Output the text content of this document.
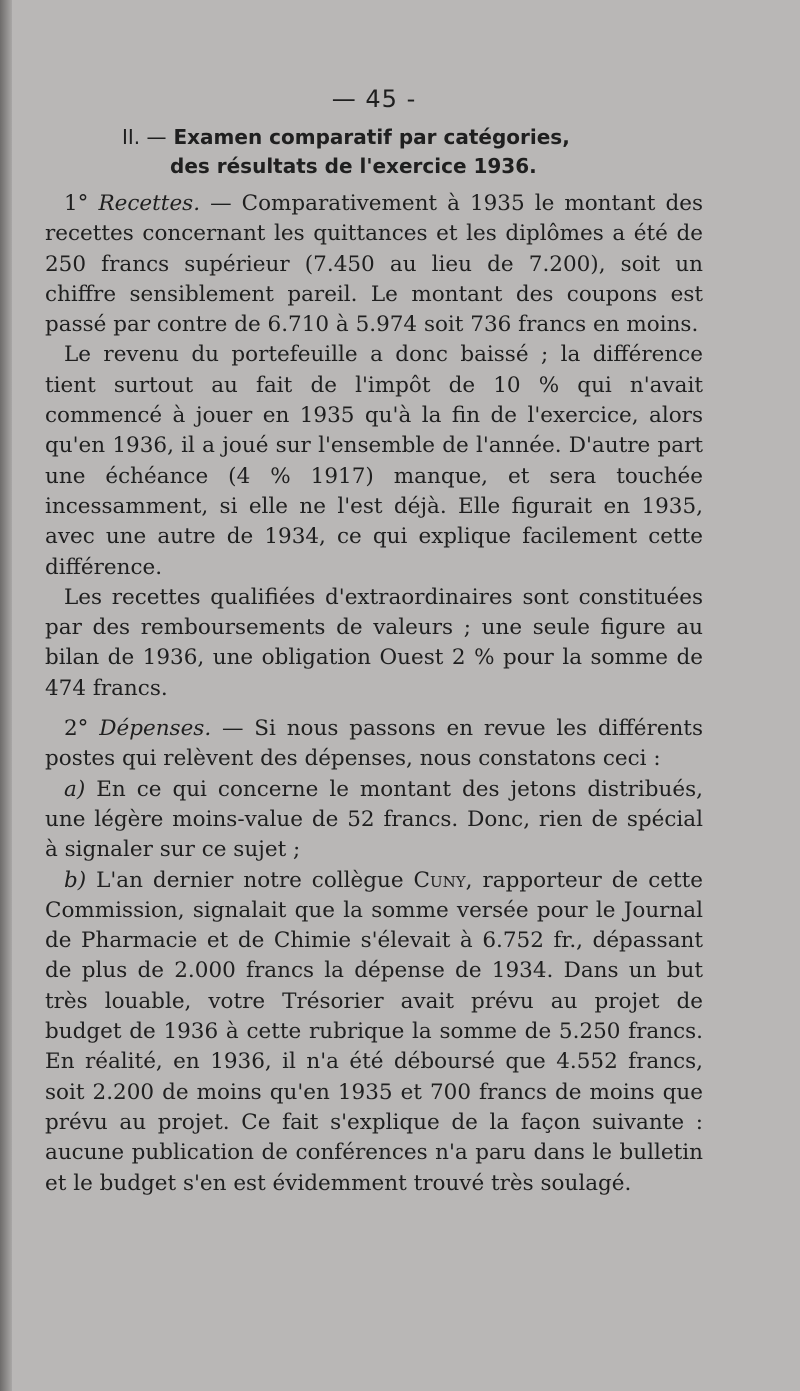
— 45 -
II. — Examen comparatif par catégories,
des résultats de l'exercice 1936.

1° Recettes. — Comparativement à 1935 le montant des recettes concernant les quittances et les diplômes a été de 250 francs supérieur (7.450 au lieu de 7.200), soit un chiffre sensiblement pareil. Le montant des coupons est passé par contre de 6.710 à 5.974 soit 736 francs en moins.

Le revenu du portefeuille a donc baissé ; la différence tient surtout au fait de l'impôt de 10 % qui n'avait commencé à jouer en 1935 qu'à la fin de l'exercice, alors qu'en 1936, il a joué sur l'ensemble de l'année. D'autre part une échéance (4 % 1917) manque, et sera touchée incessamment, si elle ne l'est déjà. Elle figurait en 1935, avec une autre de 1934, ce qui explique facilement cette différence.

Les recettes qualifiées d'extraordinaires sont constituées par des remboursements de valeurs ; une seule figure au bilan de 1936, une obligation Ouest 2 % pour la somme de 474 francs.

2° Dépenses. — Si nous passons en revue les différents postes qui relèvent des dépenses, nous constatons ceci :

a) En ce qui concerne le montant des jetons distribués, une légère moins-value de 52 francs. Donc, rien de spécial à signaler sur ce sujet ;

b) L'an dernier notre collègue Cuny, rapporteur de cette Commission, signalait que la somme versée pour le Journal de Pharmacie et de Chimie s'élevait à 6.752 fr., dépassant de plus de 2.000 francs la dépense de 1934. Dans un but très louable, votre Trésorier avait prévu au projet de budget de 1936 à cette rubrique la somme de 5.250 francs. En réalité, en 1936, il n'a été déboursé que 4.552 francs, soit 2.200 de moins qu'en 1935 et 700 francs de moins que prévu au projet. Ce fait s'explique de la façon suivante : aucune publication de conférences n'a paru dans le bulletin et le budget s'en est évidemment trouvé très soulagé.
